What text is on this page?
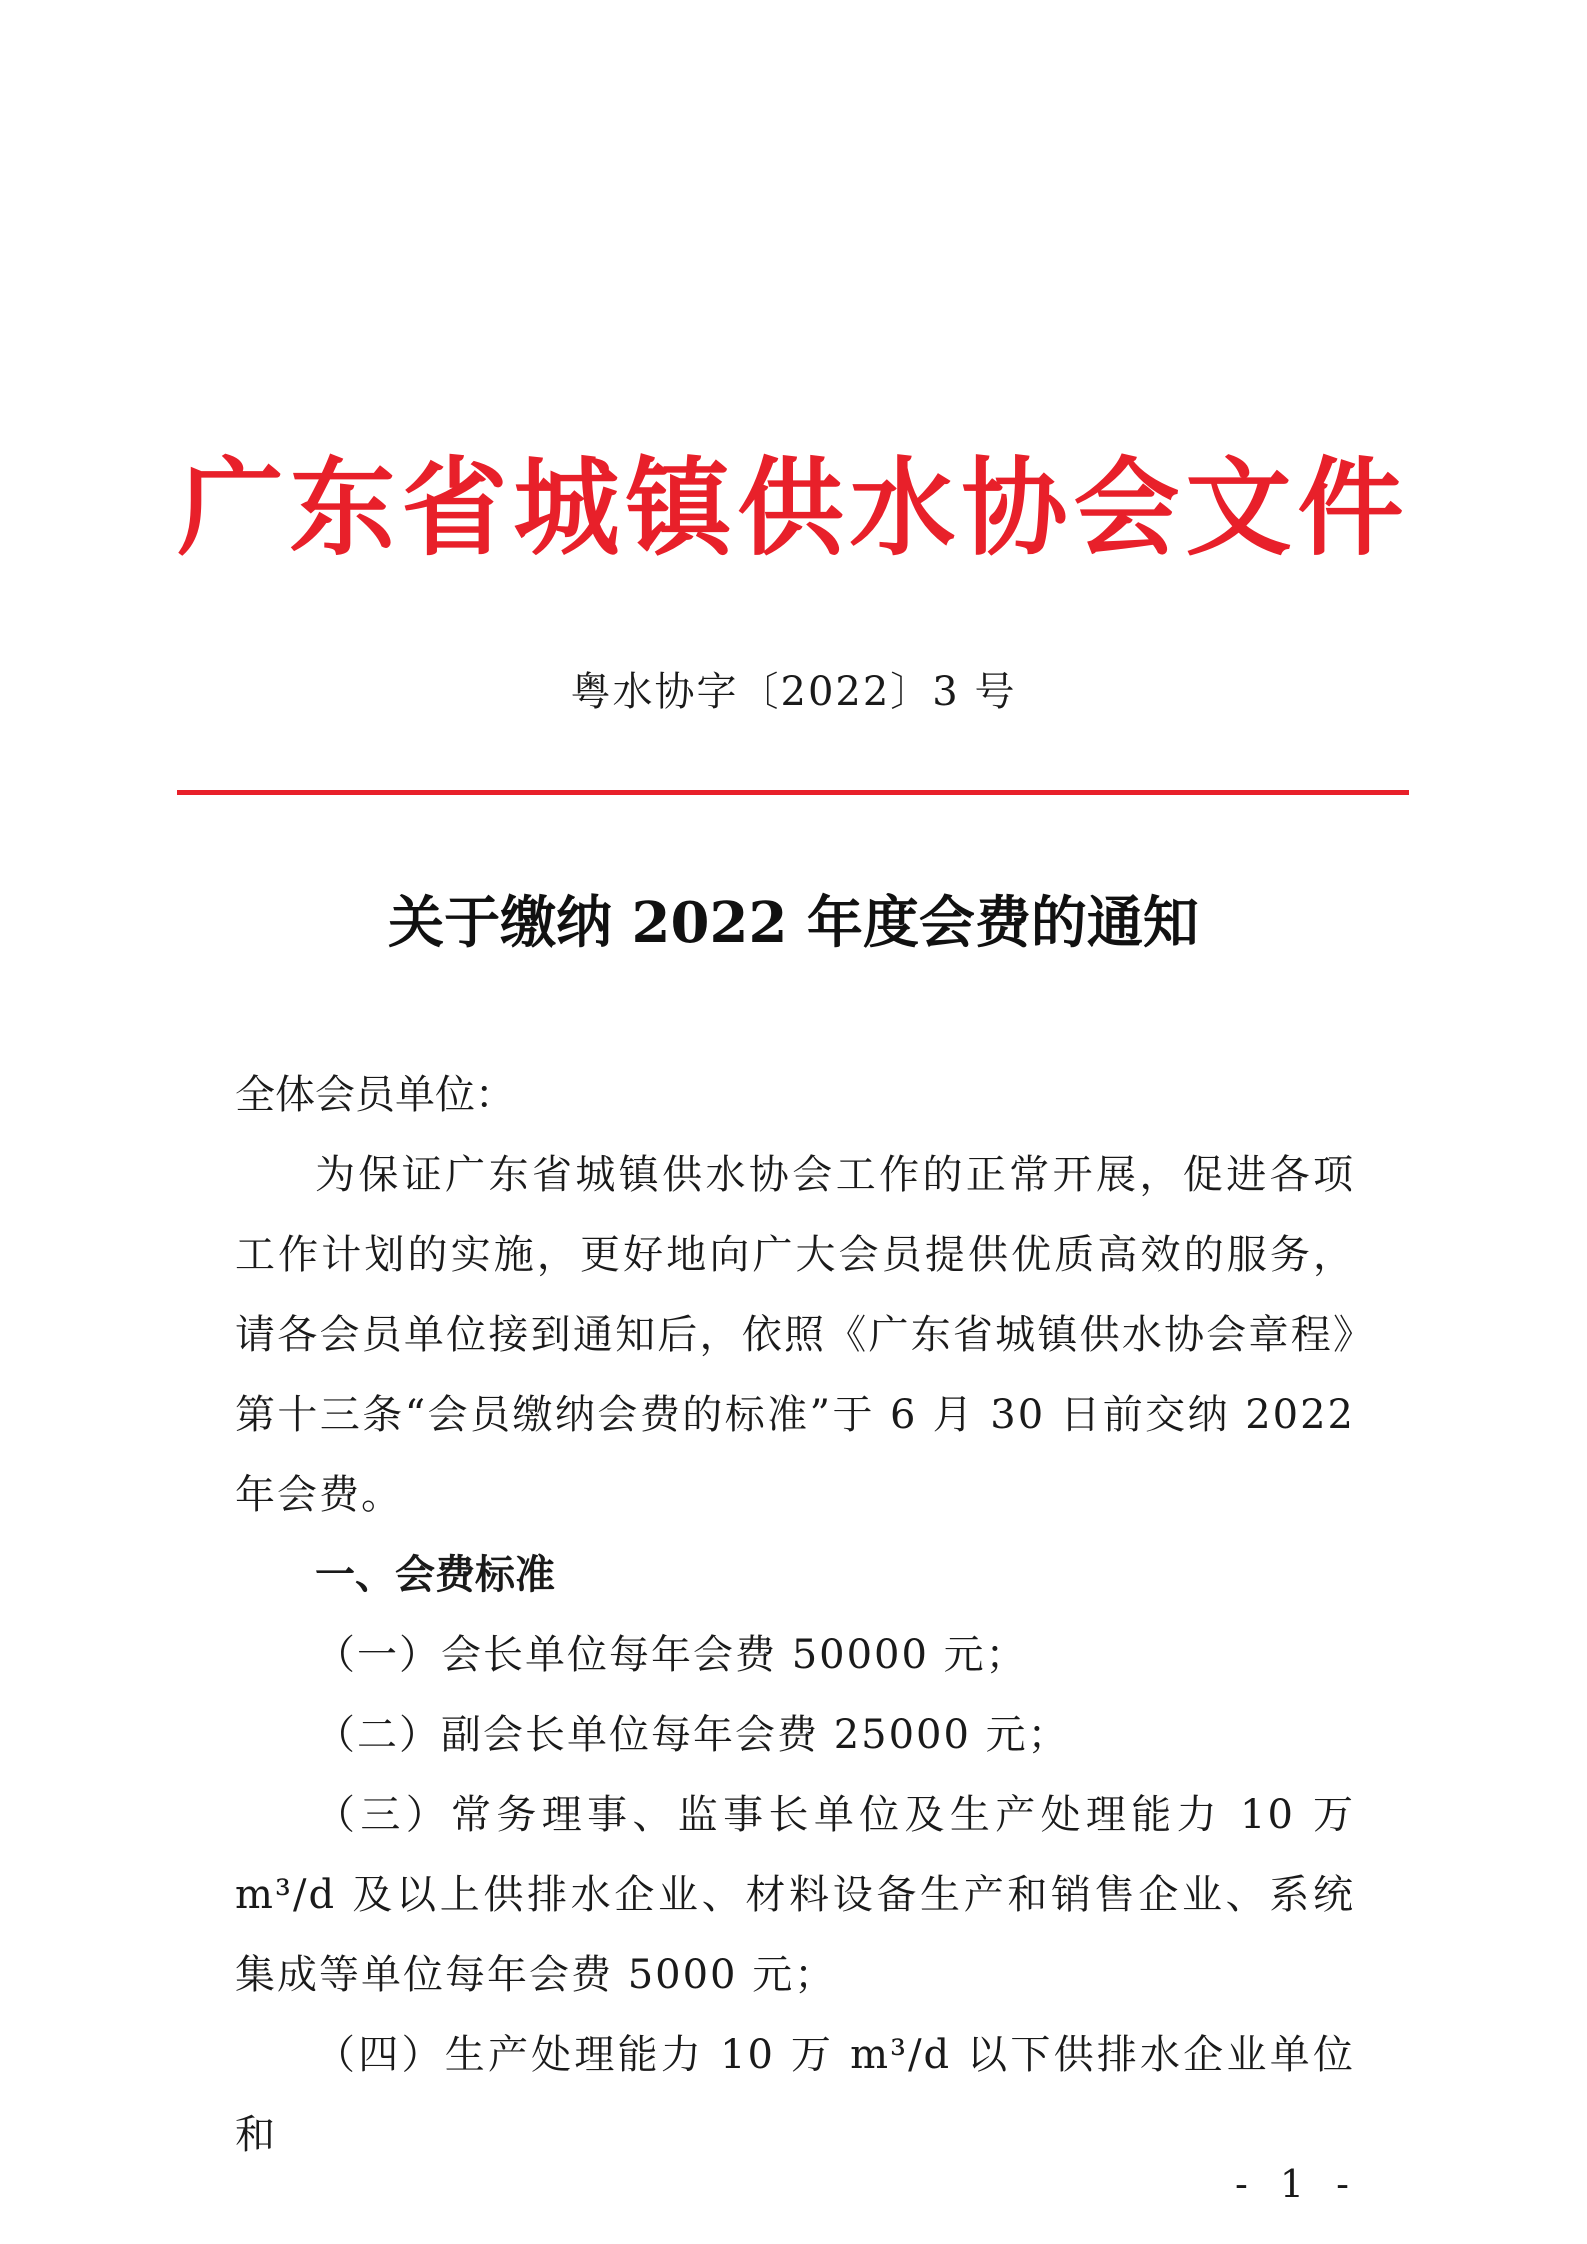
广东省城镇供水协会文件
粤水协字〔2022〕3 号
关于缴纳 2022 年度会费的通知
全体会员单位：
为保证广东省城镇供水协会工作的正常开展，促进各项工作计划的实施，更好地向广大会员提供优质高效的服务，请各会员单位接到通知后，依照《广东省城镇供水协会章程》第十三条“会员缴纳会费的标准”于 6 月 30 日前交纳 2022 年会费。
一、会费标准
（一）会长单位每年会费 50000 元；
（二）副会长单位每年会费 25000 元；
（三）常务理事、监事长单位及生产处理能力 10 万 m³/d 及以上供排水企业、材料设备生产和销售企业、系统集成等单位每年会费 5000 元；
（四）生产处理能力 10 万 m³/d 以下供排水企业单位和
- 1 -
